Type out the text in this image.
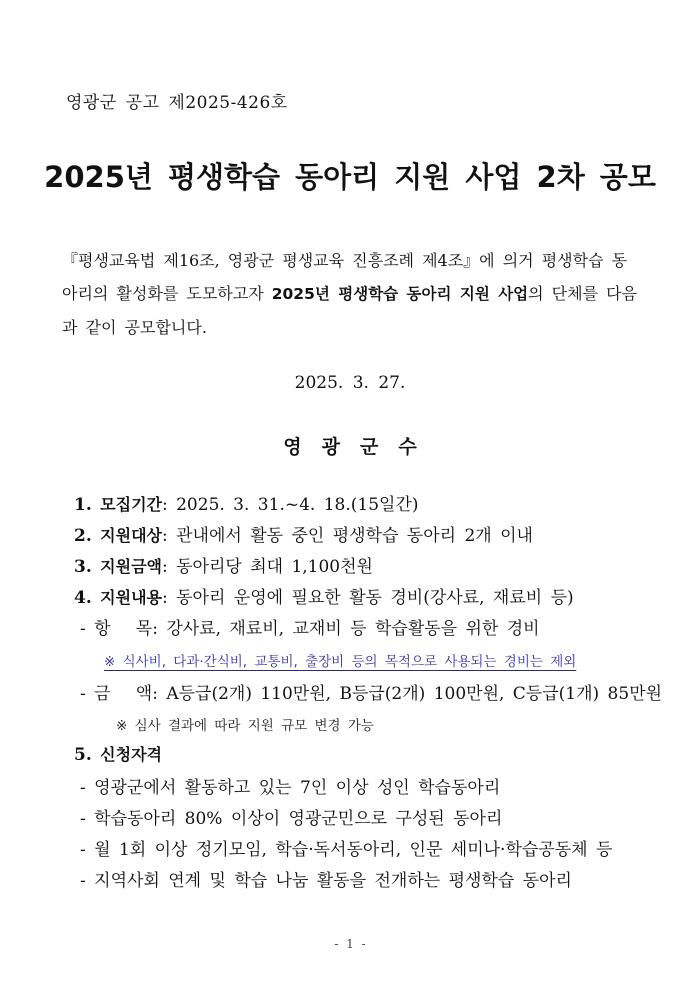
영광군 공고 제2025-426호
2025년 평생학습 동아리 지원 사업 2차 공모
『평생교육법 제16조, 영광군 평생교육 진흥조례 제4조』에 의거 평생학습 동아리의 활성화를 도모하고자 2025년 평생학습 동아리 지원 사업의 단체를 다음과 같이 공모합니다.
2025. 3. 27.
영광군수
1. 모집기간: 2025. 3. 31.~4. 18.(15일간)
2. 지원대상: 관내에서 활동 중인 평생학습 동아리 2개 이내
3. 지원금액: 동아리당 최대 1,100천원
4. 지원내용: 동아리 운영에 필요한 활동 경비(강사료, 재료비 등)
- 항   목: 강사료, 재료비, 교재비 등 학습활동을 위한 경비
※ 식사비, 다과·간식비, 교통비, 출장비 등의 목적으로 사용되는 경비는 제외
- 금   액: A등급(2개) 110만원, B등급(2개) 100만원, C등급(1개) 85만원
※ 심사 결과에 따라 지원 규모 변경 가능
5. 신청자격
- 영광군에서 활동하고 있는 7인 이상 성인 학습동아리
- 학습동아리 80% 이상이 영광군민으로 구성된 동아리
- 월 1회 이상 정기모임, 학습·독서동아리, 인문 세미나·학습공동체 등
- 지역사회 연계 및 학습 나눔 활동을 전개하는 평생학습 동아리
- 1 -
